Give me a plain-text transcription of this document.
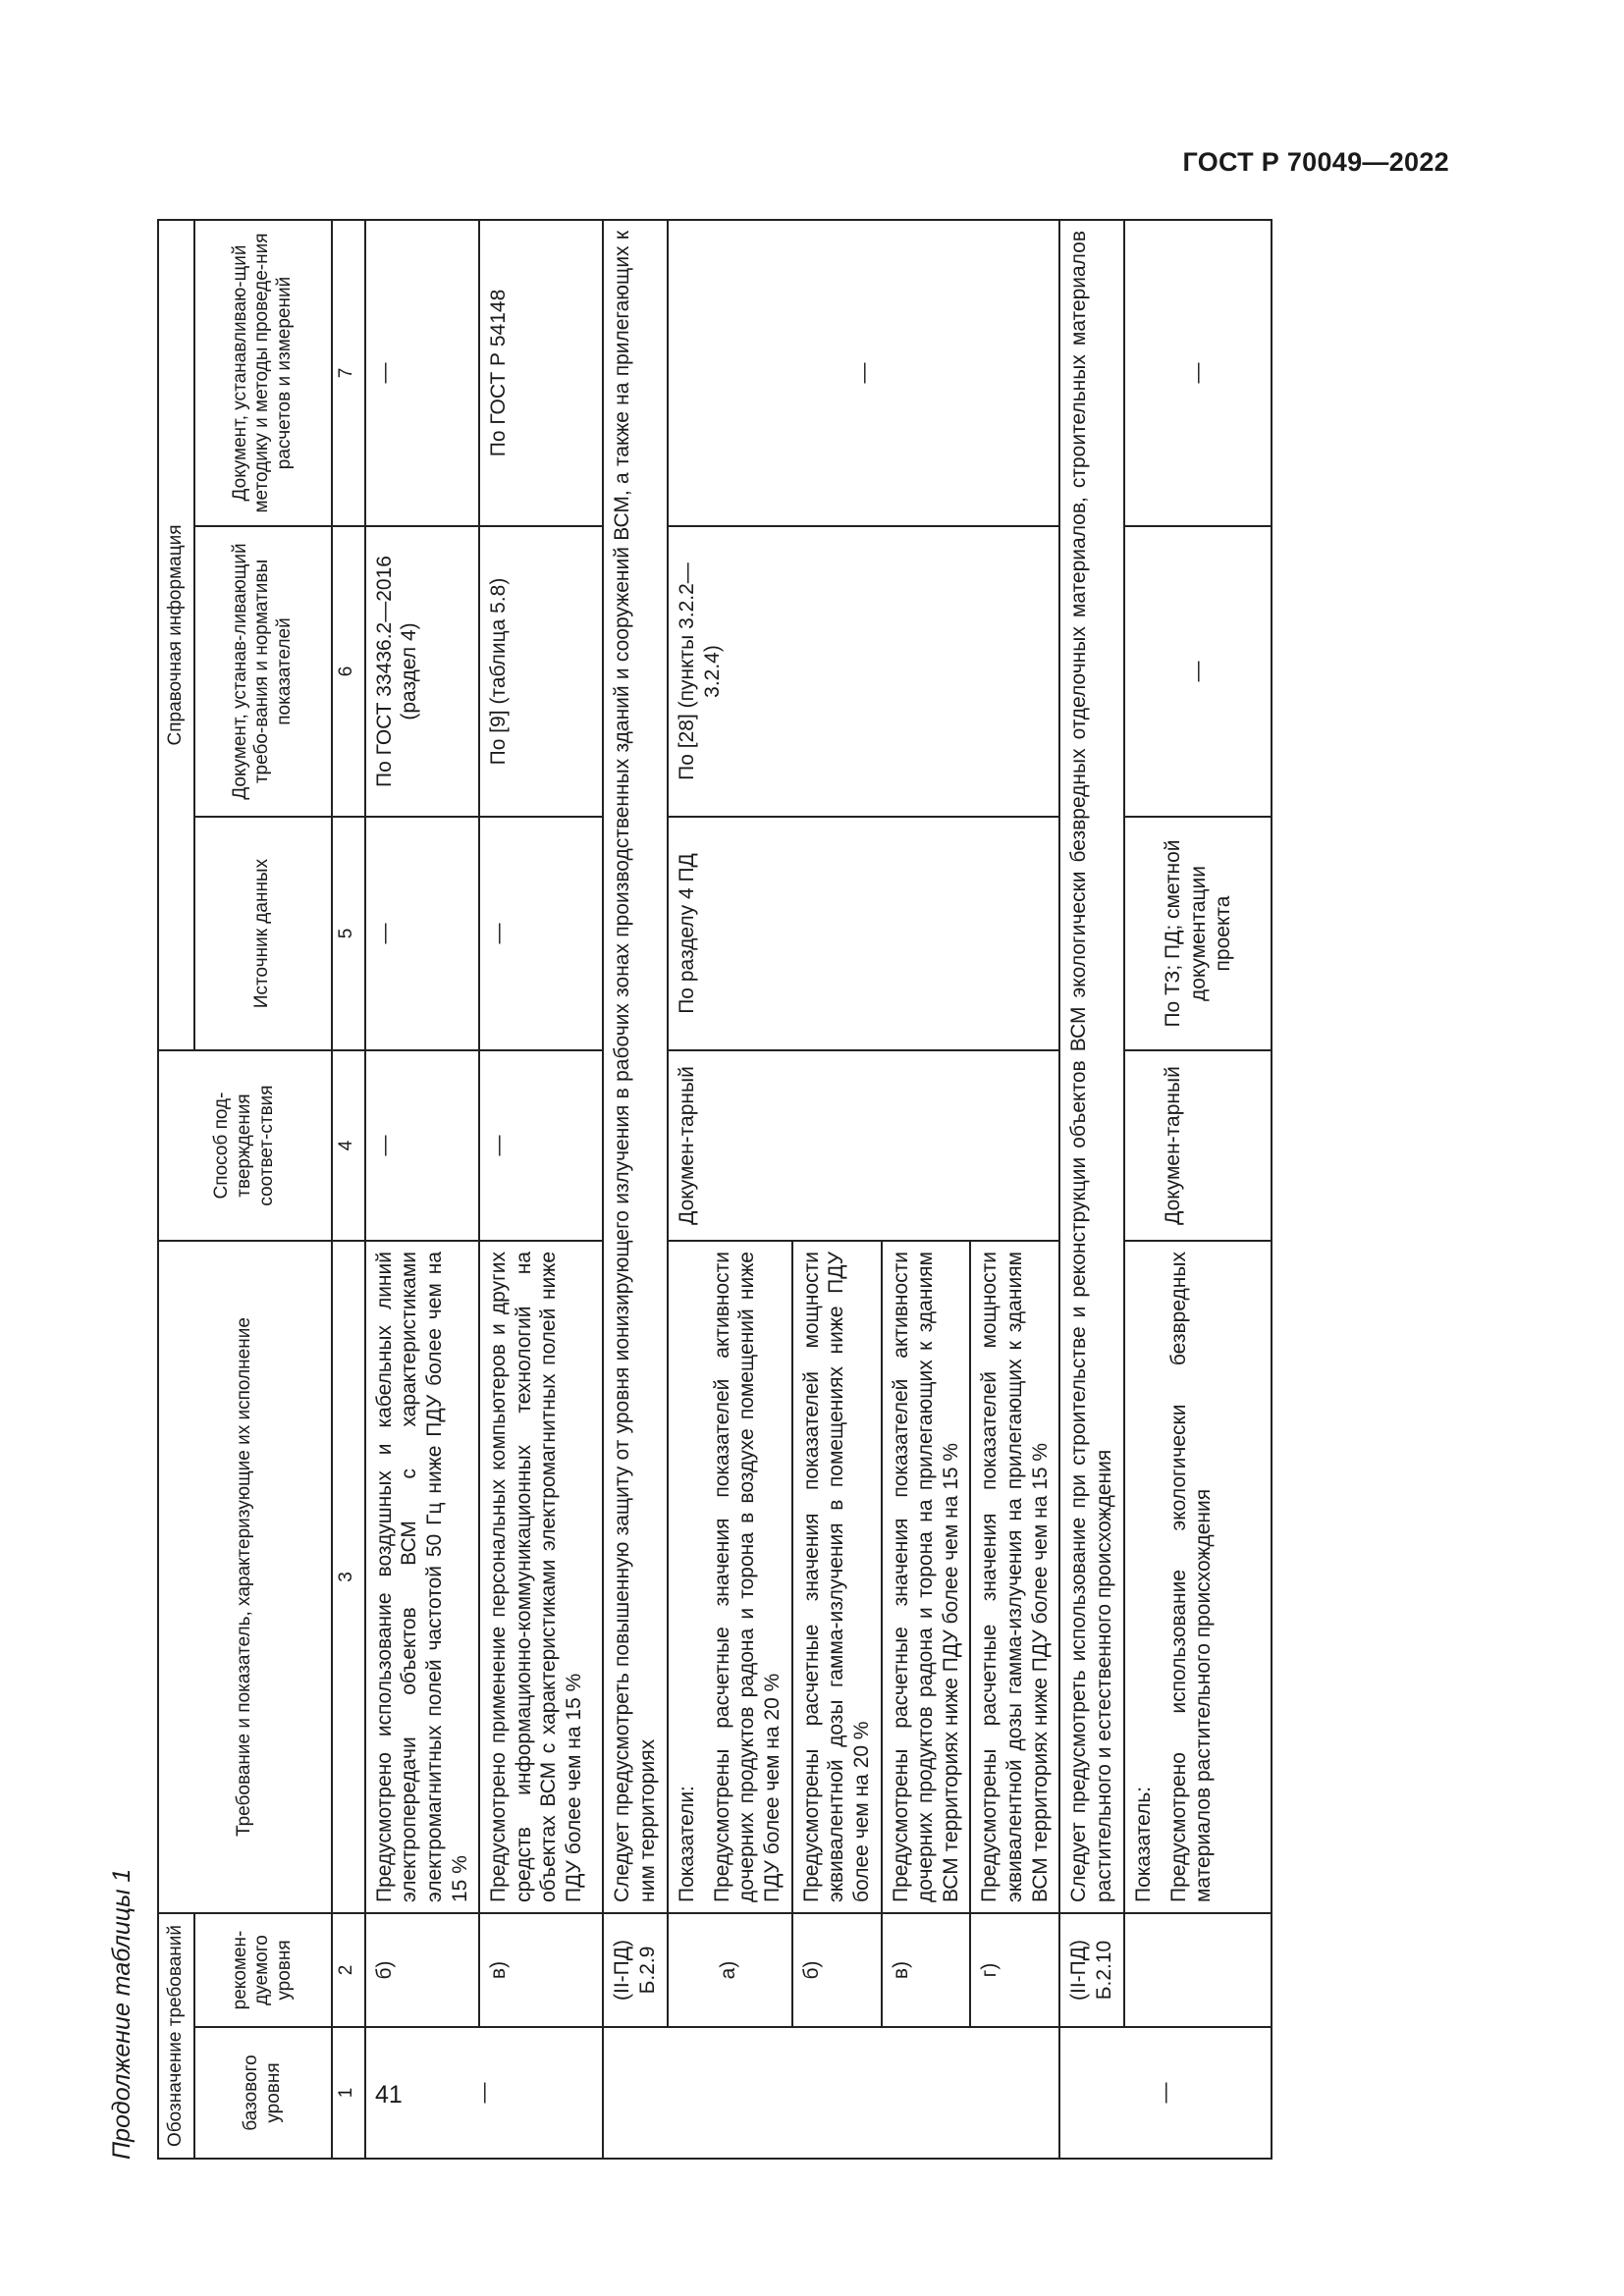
ГОСТ Р 70049—2022
41
Продолжение таблицы 1 Обозначение требований		Требование и показатель, характеризующие их исполнение	Способ под-тверждения соответ-ствия	Справочная информация		
базового уровня	рекомен-дуемого уровня			Источник данных	Документ, устанав-ливающий требо-вания и нормативы показателей	Документ, устанавливаю-щий методику и методы проведе-ния расчетов и измерений
1	2	3	4	5	6	7
—	б)	Предусмотрено использование воздушных и кабельных линий электропередачи объектов ВСМ с характеристиками электромагнитных полей частотой 50 Гц ниже ПДУ более чем на 15 %	—	—	По ГОСТ 33436.2—2016 (раздел 4)	—
	в)	Предусмотрено применение персональных компьютеров и других средств информационно-коммуникационных технологий на объектах ВСМ с характеристиками электромагнитных полей ниже ПДУ более чем на 15 %	—	—	По [9] (таблица 5.8)	По ГОСТ Р 54148
	(II-ПД) Б.2.9	Следует предусмотреть повышенную защиту от уровня ионизирующего излучения в рабочих зонах производственных зданий и сооружений ВСМ, а также на прилегающих к ним территориях				
	а)	Показатели: Предусмотрены расчетные значения показателей активности дочерних продуктов радона и торона в воздухе помещений ниже ПДУ более чем на 20 %	Докумен-тарный	По разделу 4 ПД	По [28] (пункты 3.2.2—3.2.4)	—
	б)	Предусмотрены расчетные значения показателей мощности эквивалентной дозы гамма-излучения в помещениях ниже ПДУ более чем на 20 %				
	в)	Предусмотрены расчетные значения показателей активности дочерних продуктов радона и торона на прилегающих к зданиям ВСМ территориях ниже ПДУ более чем на 15 %				
	г)	Предусмотрены расчетные значения показателей мощности эквивалентной дозы гамма-излучения на прилегающих к зданиям ВСМ территориях ниже ПДУ более чем на 15 %				
—	(II-ПД) Б.2.10	Следует предусмотреть использование при строительстве и реконструкции объектов ВСМ экологически безвредных отделочных материалов, строительных материалов растительного и естественного происхождения				

		Показатель: Предусмотрено использование экологически безвредных материалов растительного происхождения	Докумен-тарный	По ТЗ; ПД; сметной документации проекта	—	—
